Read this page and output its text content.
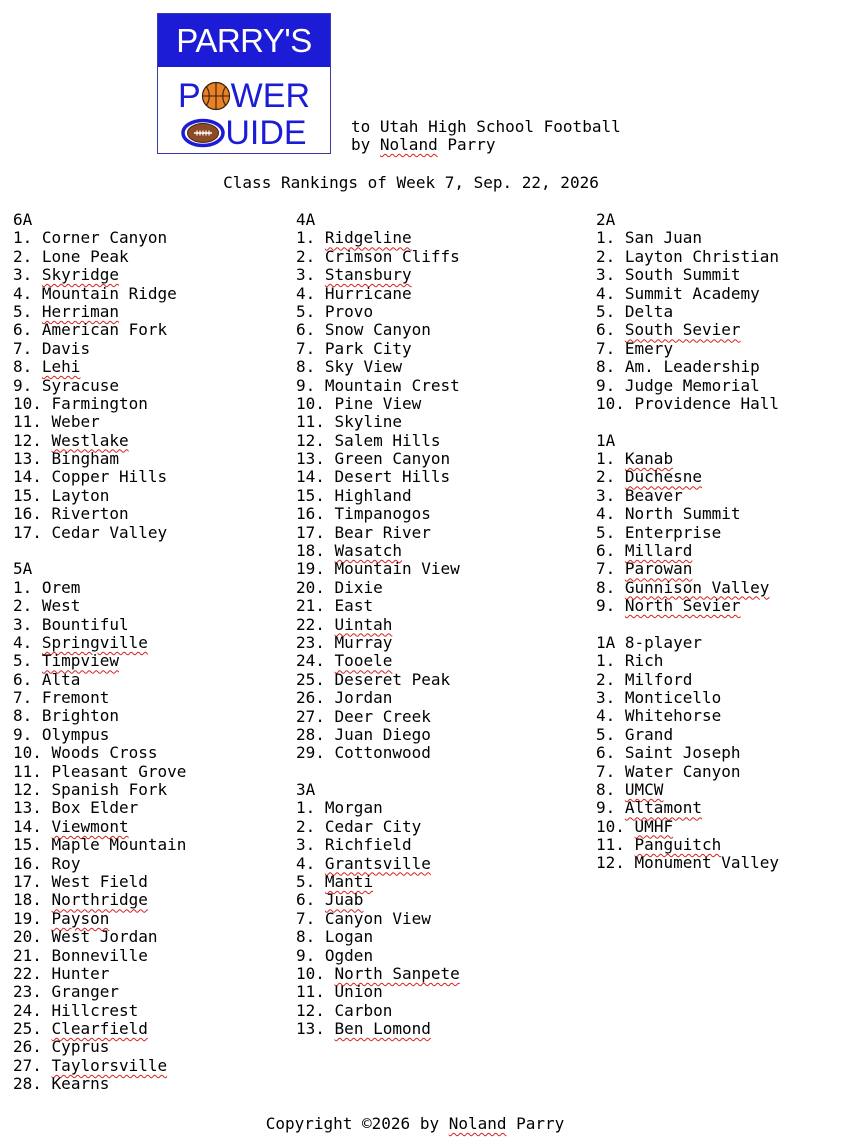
PARRY'S
P WER
UIDE	to Utah High School Football
by Noland Parry
Class Rankings of Week 7, Sep. 22, 2026
6A
1. Corner Canyon
2. Lone Peak
3. Skyridge
4. Mountain Ridge
5. Herriman
6. American Fork
7. Davis
8. Lehi
9. Syracuse
10. Farmington
11. Weber
12. Westlake
13. Bingham
14. Copper Hills
15. Layton
16. Riverton
17. Cedar Valley
5A
1. Orem
2. West
3. Bountiful
4. Springville
5. Timpview
6. Alta
7. Fremont
8. Brighton
9. Olympus
10. Woods Cross
11. Pleasant Grove
12. Spanish Fork
13. Box Elder
14. Viewmont
15. Maple Mountain
16. Roy
17. West Field
18. Northridge
19. Payson
20. West Jordan
21. Bonneville
22. Hunter
23. Granger
24. Hillcrest
25. Clearfield
26. Cyprus
27. Taylorsville
28. Kearns
4A
1. Ridgeline
2. Crimson Cliffs
3. Stansbury
4. Hurricane
5. Provo
6. Snow Canyon
7. Park City
8. Sky View
9. Mountain Crest
10. Pine View
11. Skyline
12. Salem Hills
13. Green Canyon
14. Desert Hills
15. Highland
16. Timpanogos
17. Bear River
18. Wasatch
19. Mountain View
20. Dixie
21. East
22. Uintah
23. Murray
24. Tooele
25. Deseret Peak
26. Jordan
27. Deer Creek
28. Juan Diego
29. Cottonwood
3A
1. Morgan
2. Cedar City
3. Richfield
4. Grantsville
5. Manti
6. Juab
7. Canyon View
8. Logan
9. Ogden
10. North Sanpete
11. Union
12. Carbon
13. Ben Lomond
2A
1. San Juan
2. Layton Christian
3. South Summit
4. Summit Academy
5. Delta
6. South Sevier
7. Emery
8. Am. Leadership
9. Judge Memorial
10. Providence Hall
1A
1. Kanab
2. Duchesne
3. Beaver
4. North Summit
5. Enterprise
6. Millard
7. Parowan
8. Gunnison Valley
9. North Sevier
1A 8-player
1. Rich
2. Milford
3. Monticello
4. Whitehorse
5. Grand
6. Saint Joseph
7. Water Canyon
8. UMCW
9. Altamont
10. UMHF
11. Panguitch
12. Monument Valley
Copyright ©2026 by Noland Parry
